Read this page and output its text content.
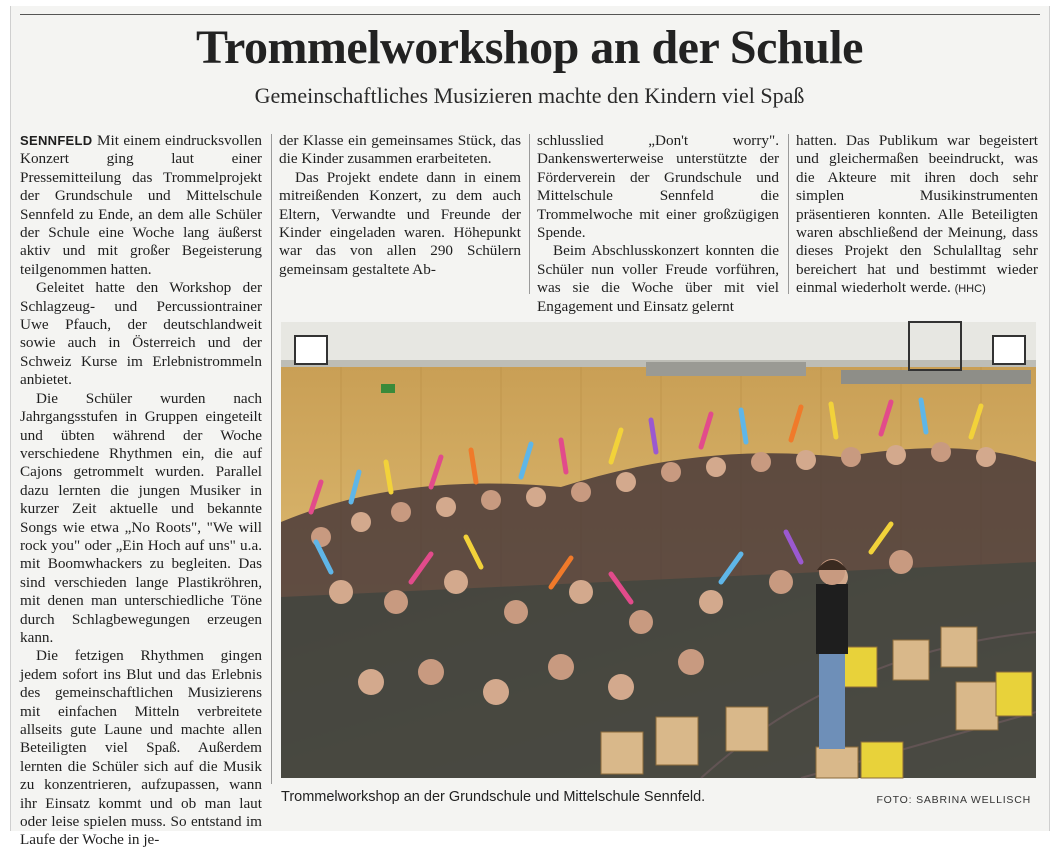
Trommelworkshop an der Schule
Gemeinschaftliches Musizieren machte den Kindern viel Spaß

SENNFELD Mit einem eindrucksvollen Konzert ging laut einer Pressemitteilung das Trommelprojekt der Grundschule und Mittelschule Sennfeld zu Ende, an dem alle Schüler der Schule eine Woche lang äußerst aktiv und mit großer Begeisterung teilgenommen hatten.

Geleitet hatte den Workshop der Schlagzeug- und Percussiontrainer Uwe Pfauch, der deutschlandweit sowie auch in Österreich und der Schweiz Kurse im Erlebnistrommeln anbietet.

Die Schüler wurden nach Jahrgangsstufen in Gruppen eingeteilt und übten während der Woche verschiedene Rhythmen ein, die auf Cajons getrommelt wurden. Parallel dazu lernten die jungen Musiker in kurzer Zeit aktuelle und bekannte Songs wie etwa „No Roots", "We will rock you" oder „Ein Hoch auf uns" u.a. mit Boomwhackers zu begleiten. Das sind verschieden lange Plastikröhren, mit denen man unterschiedliche Töne durch Schlagbewegungen erzeugen kann.

Die fetzigen Rhythmen gingen jedem sofort ins Blut und das Erlebnis des gemeinschaftlichen Musizierens mit einfachen Mitteln verbreitete allseits gute Laune und machte allen Beteiligten viel Spaß. Außerdem lernten die Schüler sich auf die Musik zu konzentrieren, aufzupassen, wann ihr Einsatz kommt und ob man laut oder leise spielen muss. So entstand im Laufe der Woche in je-

der Klasse ein gemeinsames Stück, das die Kinder zusammen erarbeiteten.

Das Projekt endete dann in einem mitreißenden Konzert, zu dem auch Eltern, Verwandte und Freunde der Kinder eingeladen waren. Höhepunkt war das von allen 290 Schülern gemeinsam gestaltete Ab-

schlusslied „Don't worry". Dankenswerterweise unterstützte der Förderverein der Grundschule und Mittelschule Sennfeld die Trommelwoche mit einer großzügigen Spende.

Beim Abschlusskonzert konnten die Schüler nun voller Freude vorführen, was sie die Woche über mit viel Engagement und Einsatz gelernt

hatten. Das Publikum war begeistert und gleichermaßen beeindruckt, was die Akteure mit ihren doch sehr simplen Musikinstrumenten präsentieren konnten. Alle Beteiligten waren abschließend der Meinung, dass dieses Projekt den Schulalltag sehr bereichert hat und bestimmt wieder einmal wiederholt werde. (HHC)

Trommelworkshop an der Grundschule und Mittelschule Sennfeld.	FOTO: SABRINA WELLISCH
